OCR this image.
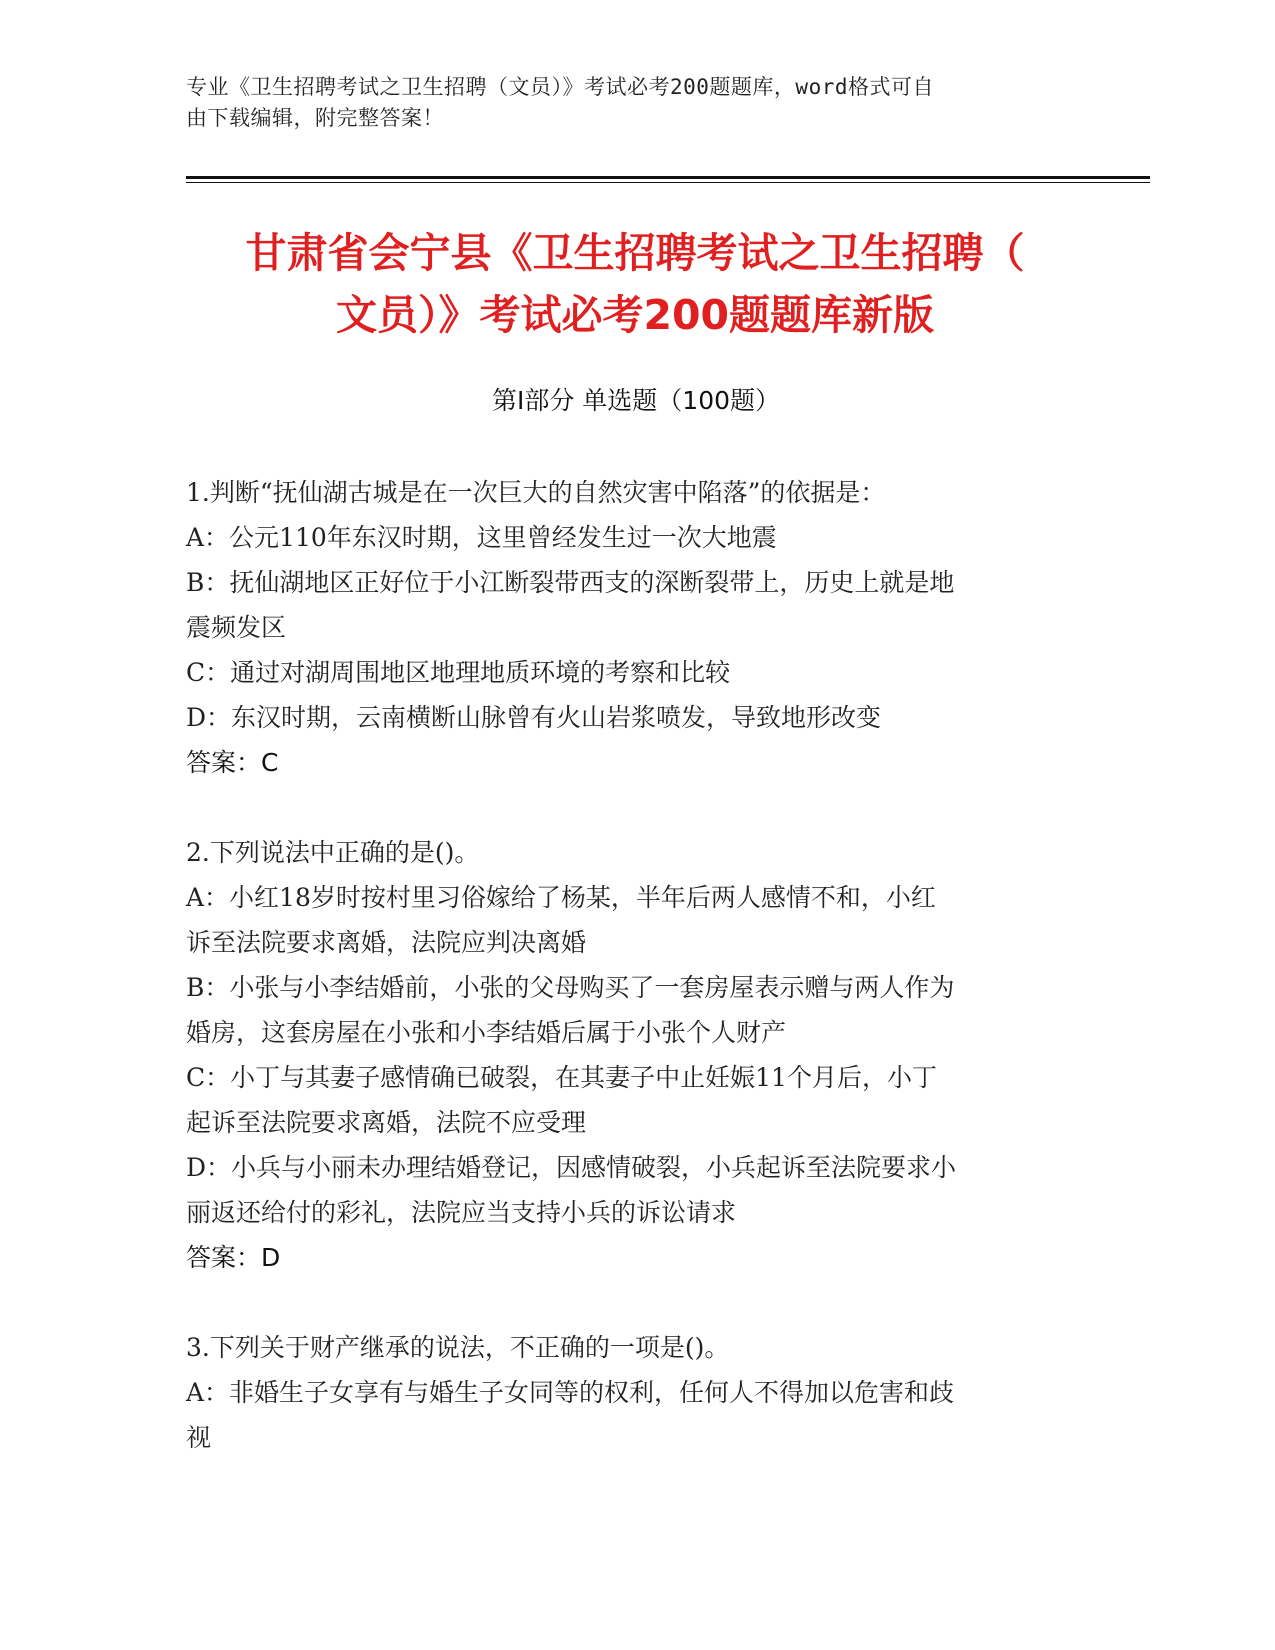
专业《卫生招聘考试之卫生招聘（文员）》考试必考200题题库，word格式可自
由下载编辑，附完整答案！
甘肃省会宁县《卫生招聘考试之卫生招聘（
文员）》考试必考200题题库新版
第I部分 单选题（100题）
1.判断“抚仙湖古城是在一次巨大的自然灾害中陷落”的依据是：
A：公元110年东汉时期，这里曾经发生过一次大地震
B：抚仙湖地区正好位于小江断裂带西支的深断裂带上，历史上就是地
震频发区
C：通过对湖周围地区地理地质环境的考察和比较
D：东汉时期，云南横断山脉曾有火山岩浆喷发，导致地形改变
答案：C
2.下列说法中正确的是()。
A：小红18岁时按村里习俗嫁给了杨某，半年后两人感情不和，小红
诉至法院要求离婚，法院应判决离婚
B：小张与小李结婚前，小张的父母购买了一套房屋表示赠与两人作为
婚房，这套房屋在小张和小李结婚后属于小张个人财产
C：小丁与其妻子感情确已破裂，在其妻子中止妊娠11个月后，小丁
起诉至法院要求离婚，法院不应受理
D：小兵与小丽未办理结婚登记，因感情破裂，小兵起诉至法院要求小
丽返还给付的彩礼，法院应当支持小兵的诉讼请求
答案：D
3.下列关于财产继承的说法，不正确的一项是()。
A：非婚生子女享有与婚生子女同等的权利，任何人不得加以危害和歧
视
